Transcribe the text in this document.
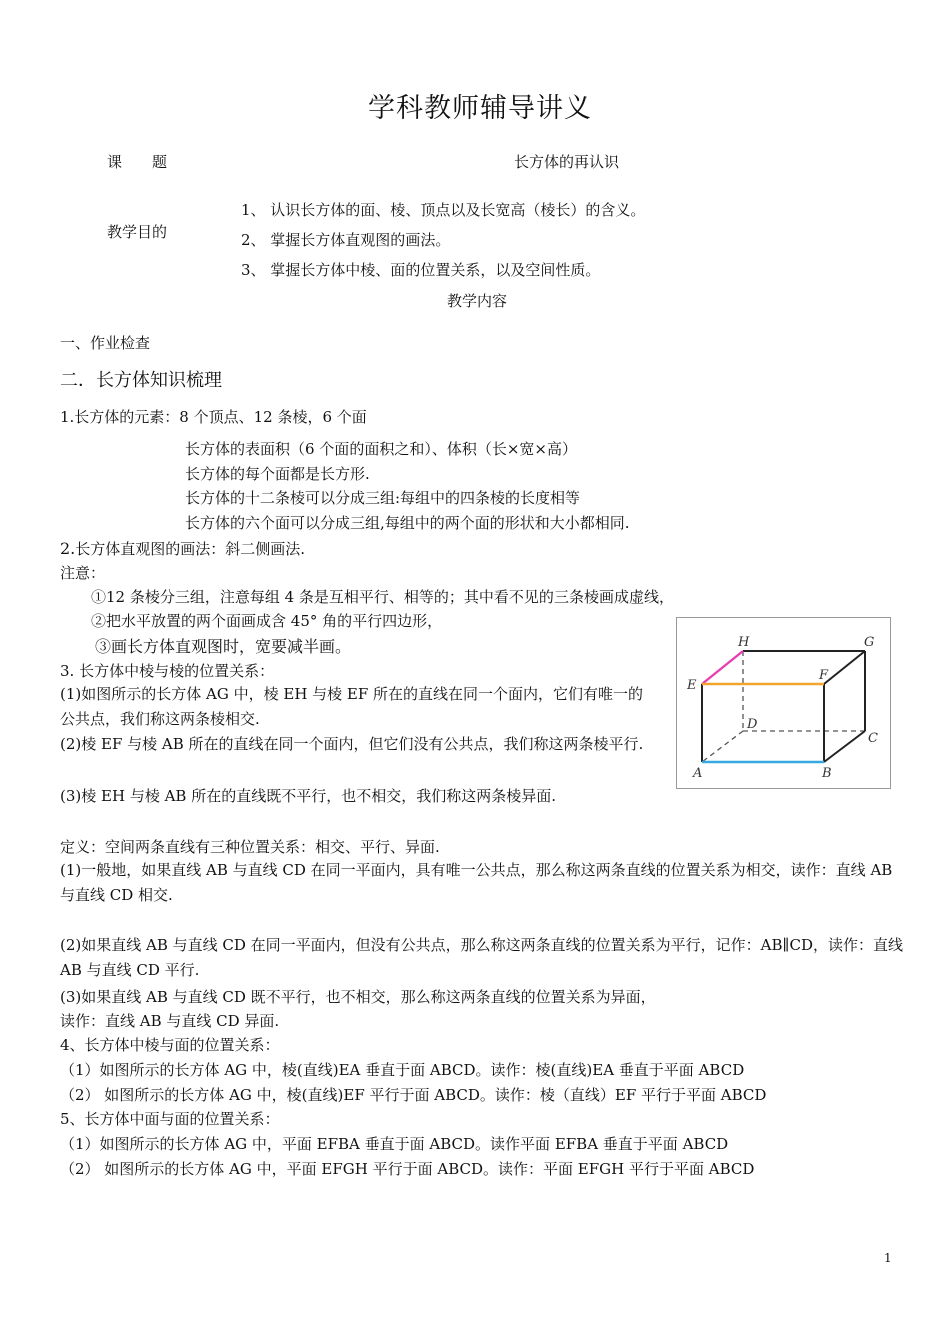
学科教师辅导讲义
课　　题	长方体的再认识
教学目的
1、 认识长方体的面、棱、顶点以及长宽高（棱长）的含义。
2、 掌握长方体直观图的画法。
3、 掌握长方体中棱、面的位置关系，以及空间性质。
教学内容
一、作业检查
二．长方体知识梳理
1.长方体的元素：8 个顶点、12 条棱，6 个面
长方体的表面积（6 个面的面积之和）、体积（长×宽×高）
长方体的每个面都是长方形.
长方体的十二条棱可以分成三组:每组中的四条棱的长度相等
长方体的六个面可以分成三组,每组中的两个面的形状和大小都相同.
2.长方体直观图的画法：斜二侧画法.
注意：
①12 条棱分三组，注意每组 4 条是互相平行、相等的；其中看不见的三条棱画成虚线，
②把水平放置的两个面画成含 45° 角的平行四边形，
③画长方体直观图时，宽要减半画。
3. 长方体中棱与棱的位置关系：
(1)如图所示的长方体 AG 中，棱 EH 与棱 EF 所在的直线在同一个面内，它们有唯一的公共点，我们称这两条棱相交.
(2)棱 EF 与棱 AB 所在的直线在同一个面内，但它们没有公共点，我们称这两条棱平行.
(3)棱 EH 与棱 AB 所在的直线既不平行，也不相交，我们称这两条棱异面.
H	G
E
F
D
C
A	B
定义：空间两条直线有三种位置关系：相交、平行、异面.
(1)一般地，如果直线 AB 与直线 CD 在同一平面内，具有唯一公共点，那么称这两条直线的位置关系为相交，读作：直线 AB 与直线 CD 相交.
(2)如果直线 AB 与直线 CD 在同一平面内，但没有公共点，那么称这两条直线的位置关系为平行，记作：AB∥CD，读作：直线 AB 与直线 CD 平行.
(3)如果直线 AB 与直线 CD 既不平行，也不相交，那么称这两条直线的位置关系为异面，
读作：直线 AB 与直线 CD 异面.
4、长方体中棱与面的位置关系：
（1）如图所示的长方体 AG 中，棱(直线)EA 垂直于面 ABCD。读作：棱(直线)EA 垂直于平面 ABCD
（2） 如图所示的长方体 AG 中，棱(直线)EF 平行于面 ABCD。读作：棱（直线）EF 平行于平面 ABCD
5、长方体中面与面的位置关系：
（1）如图所示的长方体 AG 中，平面 EFBA 垂直于面 ABCD。读作平面 EFBA 垂直于平面 ABCD
（2） 如图所示的长方体 AG 中，平面 EFGH 平行于面 ABCD。读作：平面 EFGH 平行于平面 ABCD
1
